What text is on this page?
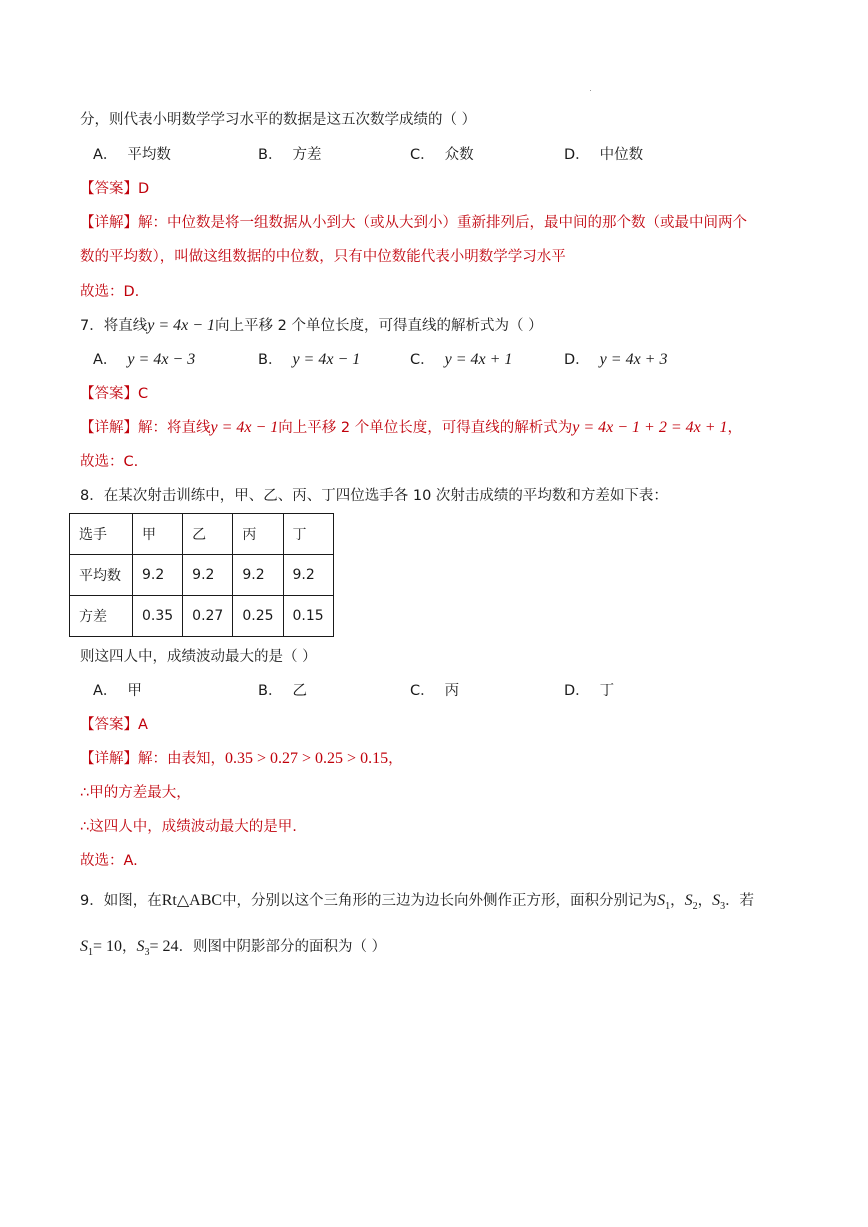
分，则代表小明数学学习水平的数据是这五次数学成绩的（ ）
A． 平均数	B． 方差	C． 众数	D． 中位数
【答案】D
【详解】解：中位数是将一组数据从小到大（或从大到小）重新排列后，最中间的那个数（或最中间两个
数的平均数），叫做这组数据的中位数，只有中位数能代表小明数学学习水平
故选：D.
7．将直线y = 4x − 1向上平移 2 个单位长度，可得直线的解析式为（ ）
A． y = 4x − 3	B． y = 4x − 1	C． y = 4x + 1	D． y = 4x + 3
【答案】C
【详解】解：将直线y = 4x − 1向上平移 2 个单位长度，可得直线的解析式为y = 4x − 1 + 2 = 4x + 1，
故选：C.
8．在某次射击训练中，甲、乙、丙、丁四位选手各 10 次射击成绩的平均数和方差如下表：
选手	甲	乙	丙	丁
平均数	9.2	9.2	9.2	9.2
方差	0.35	0.27	0.25	0.15
则这四人中，成绩波动最大的是（ ）
A． 甲	B． 乙	C． 丙	D． 丁
【答案】A
【详解】解：由表知，0.35 > 0.27 > 0.25 > 0.15，
∴甲的方差最大，
∴这四人中，成绩波动最大的是甲.
故选：A.
9．如图，在Rt△ABC中，分别以这个三角形的三边为边长向外侧作正方形，面积分别记为$S_1$，$S_2$，$S_3$．若
$S_1= 10$，$S_3= 24$．则图中阴影部分的面积为（ ）
